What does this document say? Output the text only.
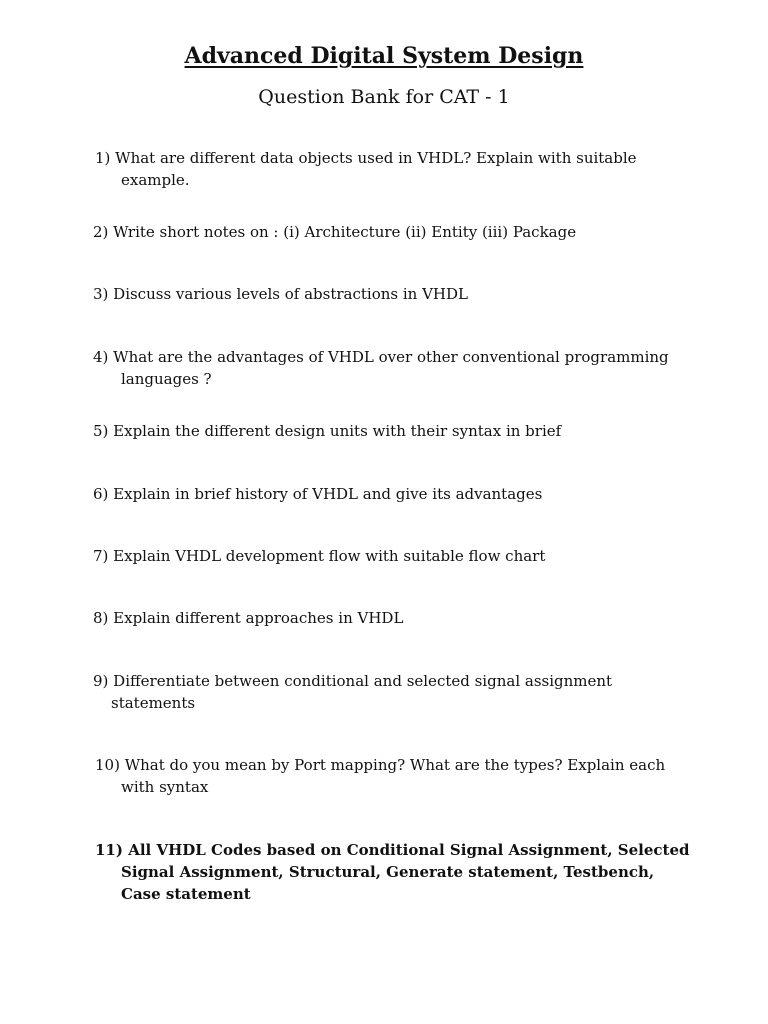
Advanced Digital System Design
Question Bank for CAT - 1
1) What are different data objects used in VHDL? Explain with suitable
example.
2) Write short notes on : (i) Architecture (ii) Entity (iii) Package
3) Discuss various levels of abstractions in VHDL
4) What are the advantages of VHDL over other conventional programming
languages ?
5) Explain the different design units with their syntax in brief
6) Explain in brief history of VHDL and give its advantages
7) Explain VHDL development flow with suitable flow chart
8) Explain different approaches in VHDL
9) Differentiate between conditional and selected signal assignment
statements
10) What do you mean by Port mapping? What are the types? Explain each
with syntax
11) All VHDL Codes based on Conditional Signal Assignment, Selected
Signal Assignment, Structural, Generate statement, Testbench,
Case statement
